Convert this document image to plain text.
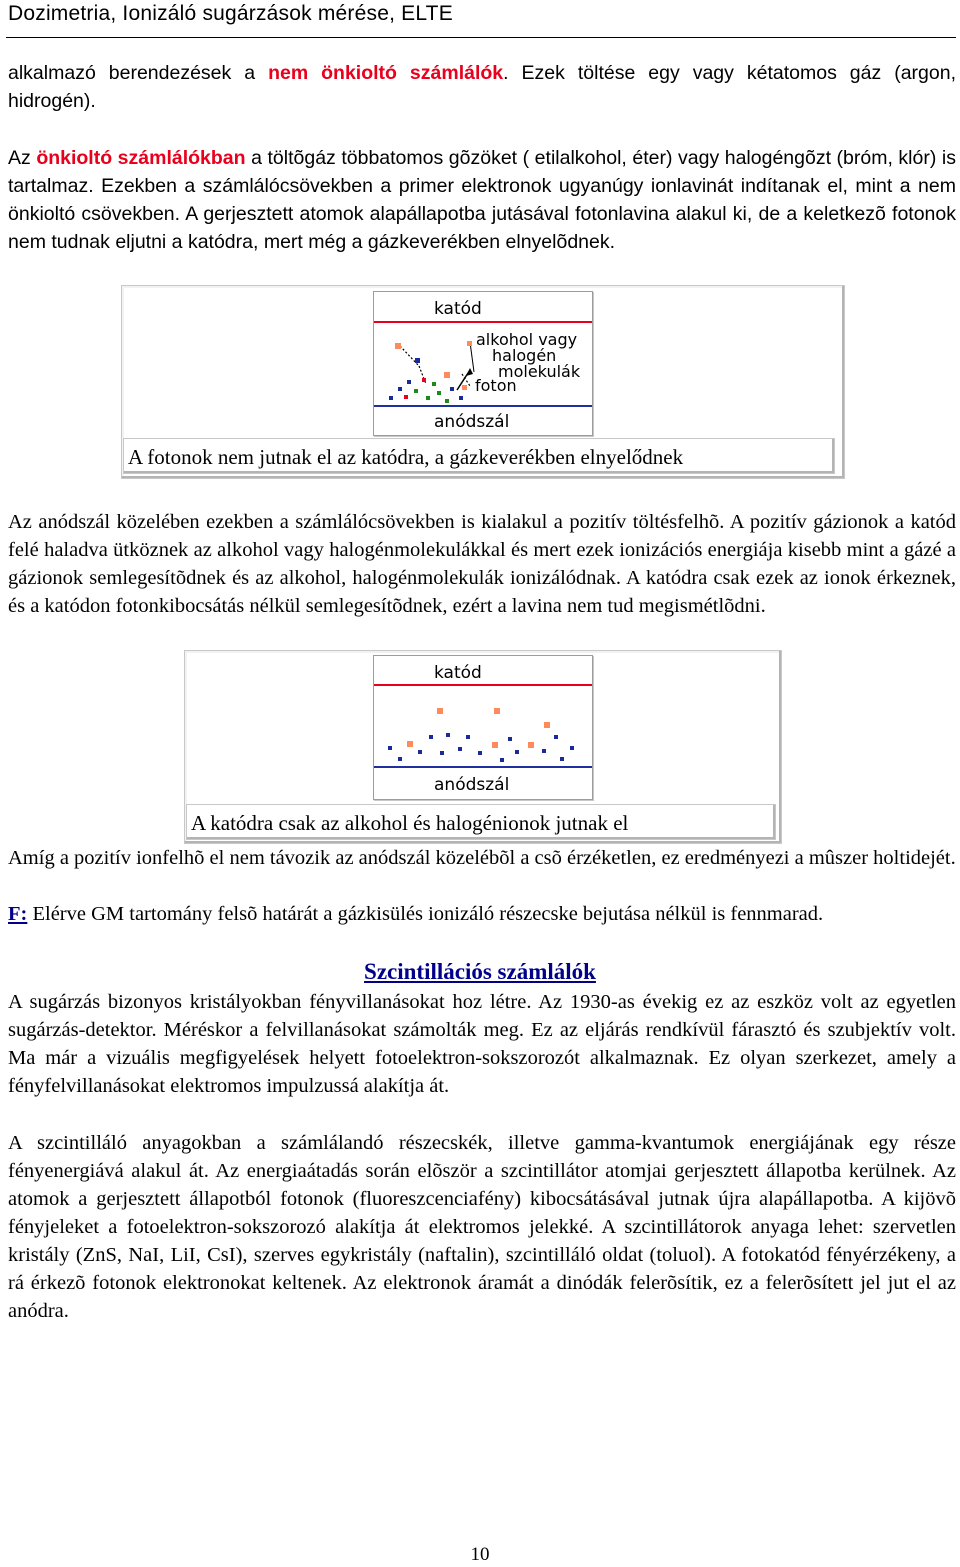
Dozimetria, Ionizáló sugárzások mérése, ELTE
alkalmazó berendezések a nem önkioltó számlálók. Ezek töltése egy vagy kétatomos gáz (argon, hidrogén).
Az önkioltó számlálókban a töltõgáz többatomos gõzöket ( etilalkohol, éter) vagy halogéngõzt (bróm, klór) is tartalmaz. Ezekben a számlálócsövekben a primer elektronok ugyanúgy ionlavinát indítanak el, mint a nem önkioltó csövekben. A gerjesztett atomok alapállapotba jutásával fotonlavina alakul ki, de a keletkezõ fotonok nem tudnak eljutni a katódra, mert még a gázkeverékben elnyelõdnek.
katód
alkohol vagy
halogén
molekulák
foton
anódszál
A fotonok nem jutnak el az katódra, a gázkeverékben elnyelődnek
Az anódszál közelében ezekben a számlálócsövekben is kialakul a pozitív töltésfelhõ. A pozitív gázionok a katód felé haladva ütköznek az alkohol vagy halogénmolekulákkal és mert ezek ionizációs energiája kisebb mint a gázé a gázionok semlegesítõdnek és az alkohol, halogénmolekulák ionizálódnak. A katódra csak ezek az ionok érkeznek, és a katódon fotonkibocsátás nélkül semlegesítõdnek, ezért a lavina nem tud megismétlõdni.
katód
anódszál
A katódra csak az alkohol és halogénionok jutnak el
Amíg a pozitív ionfelhõ el nem távozik az anódszál közelébõl a csõ érzéketlen, ez eredményezi a mûszer holtidejét.
F: Elérve GM tartomány felsõ határát a gázkisülés ionizáló részecske bejutása nélkül is fennmarad.
Szcintillációs számlálók
A sugárzás bizonyos kristályokban fényvillanásokat hoz létre. Az 1930-as évekig ez az eszköz volt az egyetlen sugárzás-detektor. Méréskor a felvillanásokat számolták meg. Ez az eljárás rendkívül fárasztó és szubjektív volt. Ma már a vizuális megfigyelések helyett fotoelektron-sokszorozót alkalmaznak. Ez olyan szerkezet, amely a fényfelvillanásokat elektromos impulzussá alakítja át.
A szcintilláló anyagokban a számlálandó részecskék, illetve gamma-kvantumok energiájának egy része fényenergiává alakul át. Az energiaátadás során elõször a szcintillátor atomjai gerjesztett állapotba kerülnek. Az atomok a gerjesztett állapotból fotonok (fluoreszcenciafény) kibocsátásával jutnak újra alapállapotba. A kijövõ fényjeleket a fotoelektron-sokszorozó alakítja át elektromos jelekké. A szcintillátorok anyaga lehet: szervetlen kristály (ZnS, NaI, LiI, CsI), szerves egykristály (naftalin), szcintilláló oldat (toluol). A fotokatód fényérzékeny, a rá érkezõ fotonok elektronokat keltenek. Az elektronok áramát a dinódák felerõsítik, ez a felerõsített jel jut el az anódra.
10
